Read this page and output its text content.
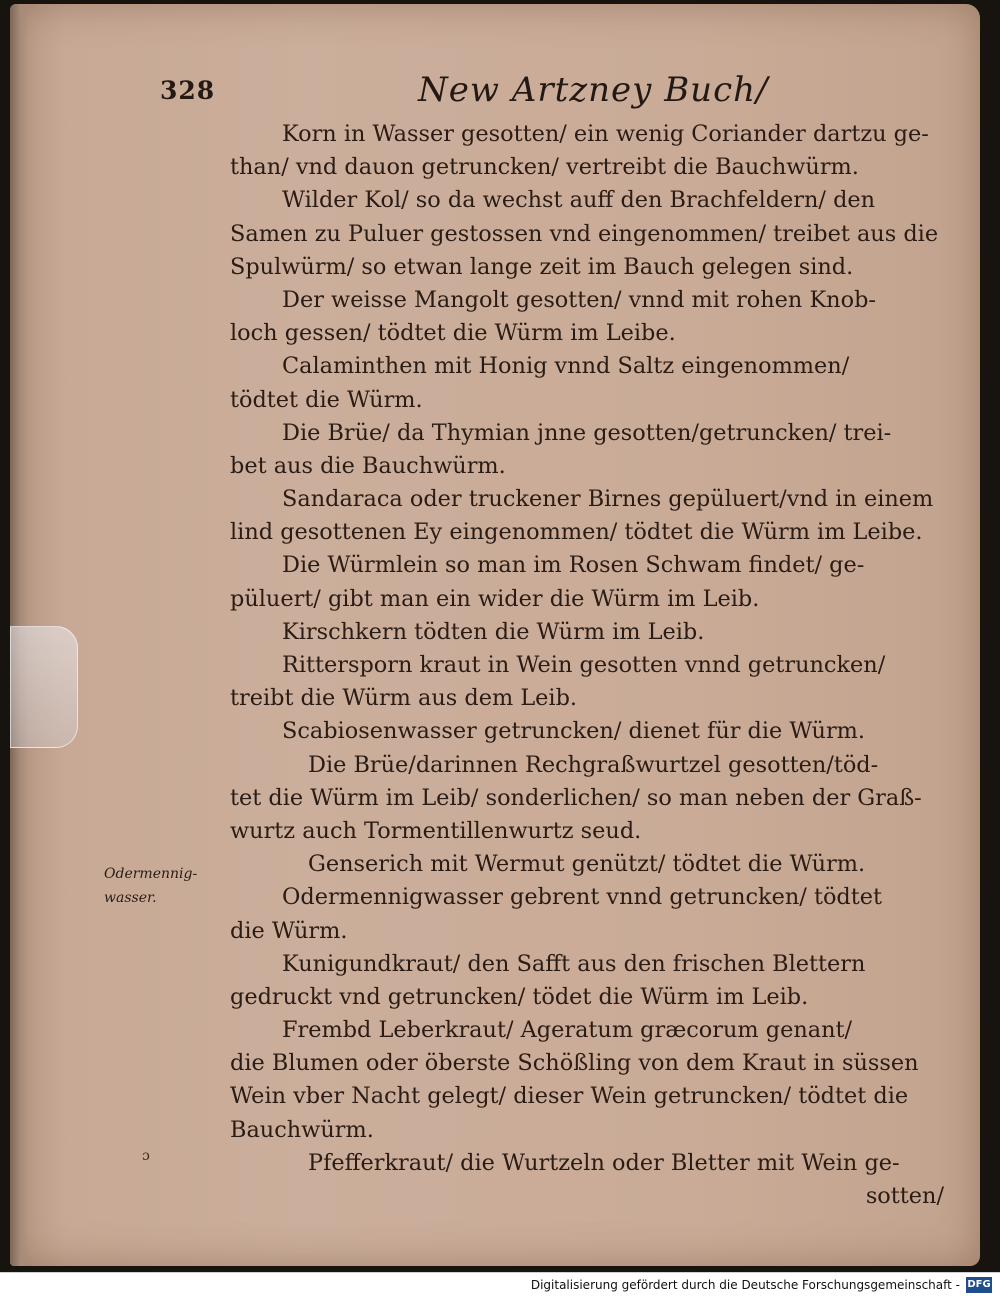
328	New Artzney Buch/
Korn in Wasser gesotten/ ein wenig Coriander dartzu ge-
than/ vnd dauon getruncken/ vertreibt die Bauchwürm.
Wilder Kol/ so da wechst auff den Brachfeldern/ den
Samen zu Puluer gestossen vnd eingenommen/ treibet aus die
Spulwürm/ so etwan lange zeit im Bauch gelegen sind.
Der weisse Mangolt gesotten/ vnnd mit rohen Knob-
loch gessen/ tödtet die Würm im Leibe.
Calaminthen mit Honig vnnd Saltz eingenommen/
tödtet die Würm.
Die Brüe/ da Thymian jnne gesotten/getruncken/ trei-
bet aus die Bauchwürm.
Sandaraca oder truckener Birnes gepüluert/vnd in einem
lind gesottenen Ey eingenommen/ tödtet die Würm im Leibe.
Die Würmlein so man im Rosen Schwam findet/ ge-
püluert/ gibt man ein wider die Würm im Leib.
Kirschkern tödten die Würm im Leib.
Rittersporn kraut in Wein gesotten vnnd getruncken/
treibt die Würm aus dem Leib.
Scabiosenwasser getruncken/ dienet für die Würm.
Die Brüe/darinnen Rechgraßwurtzel gesotten/töd-
tet die Würm im Leib/ sonderlichen/ so man neben der Graß-
wurtz auch Tormentillenwurtz seud.
Genserich mit Wermut genützt/ tödtet die Würm.
Odermennigwasser gebrent vnnd getruncken/ tödtet
die Würm.
Kunigundkraut/ den Safft aus den frischen Blettern
gedruckt vnd getruncken/ tödet die Würm im Leib.
Frembd Leberkraut/ Ageratum græcorum genant/
die Blumen oder öberste Schößling von dem Kraut in süssen
Wein vber Nacht gelegt/ dieser Wein getruncken/ tödtet die
Bauchwürm.
Pfefferkraut/ die Wurtzeln oder Bletter mit Wein ge-
sotten/
Odermennig-
wasser.
ɔ
Digitalisierung gefördert durch die Deutsche Forschungsgemeinschaft - DFG
